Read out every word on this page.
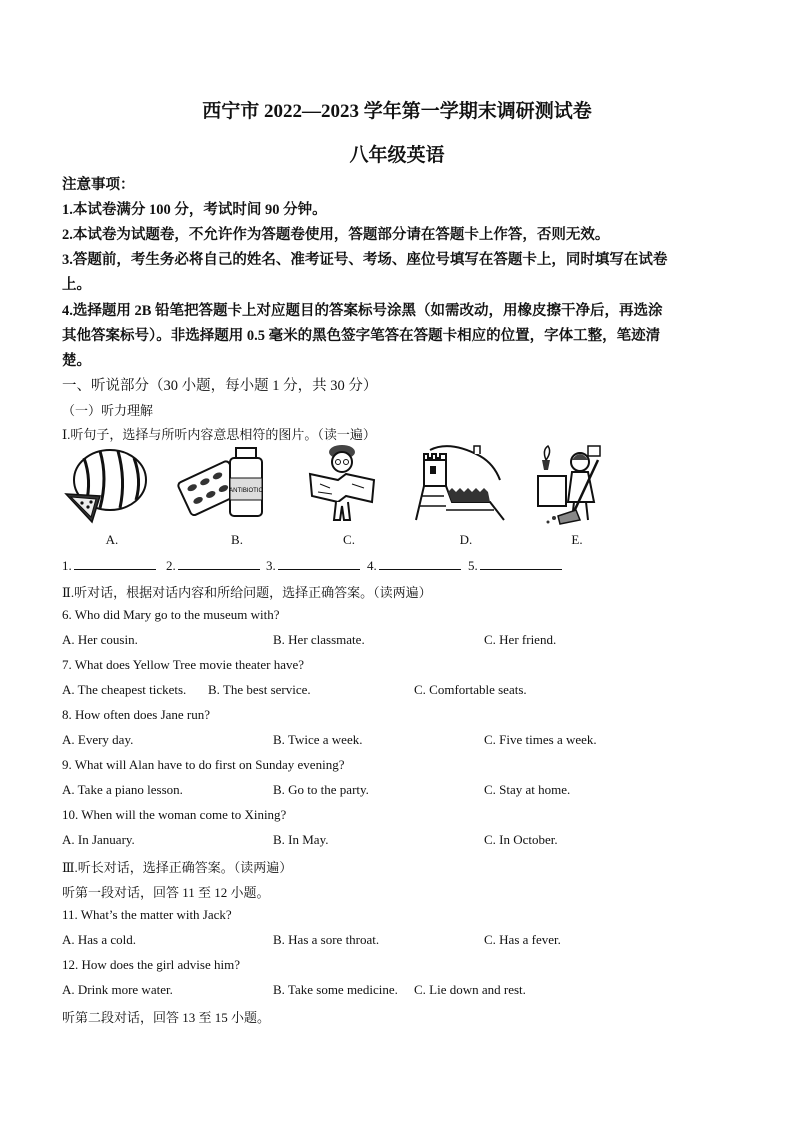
西宁市 2022—2023 学年第一学期末调研测试卷
八年级英语
注意事项：
1.本试卷满分 100 分，考试时间 90 分钟。
2.本试卷为试题卷，不允许作为答题卷使用，答题部分请在答题卡上作答，否则无效。
3.答题前，考生务必将自己的姓名、准考证号、考场、座位号填写在答题卡上，同时填写在试卷
上。
4.选择题用 2B 铅笔把答题卡上对应题目的答案标号涂黑（如需改动，用橡皮擦干净后，再选涂
其他答案标号）。非选择题用 0.5 毫米的黑色签字笔答在答题卡相应的位置，字体工整，笔迹清
楚。
一、听说部分（30 小题，每小题 1 分，共 30 分）
（一）听力理解
Ⅰ.听句子，选择与所听内容意思相符的图片。（读一遍）
ANTIBIOTIC
A.	B.	C.	D.	E.
1.	2.	3.	4.	5.
Ⅱ.听对话，根据对话内容和所给问题，选择正确答案。（读两遍）
6. Who did Mary go to the museum with?
A. Her cousin.	B. Her classmate.	C. Her friend.
7. What does Yellow Tree movie theater have?
A. The cheapest tickets. B. The best service.	C. Comfortable seats.
8. How often does Jane run?
A. Every day.	B. Twice a week.	C. Five times a week.
9. What will Alan have to do first on Sunday evening?
A. Take a piano lesson.	B. Go to the party.	C. Stay at home.
10. When will the woman come to Xining?
A. In January.	B. In May.	C. In October.
Ⅲ.听长对话，选择正确答案。（读两遍）
听第一段对话，回答 11 至 12 小题。
11. What’s the matter with Jack?
A. Has a cold.	B. Has a sore throat.	C. Has a fever.
12. How does the girl advise him?
A. Drink more water.	B. Take some medicine. C. Lie down and rest.
听第二段对话，回答 13 至 15 小题。
